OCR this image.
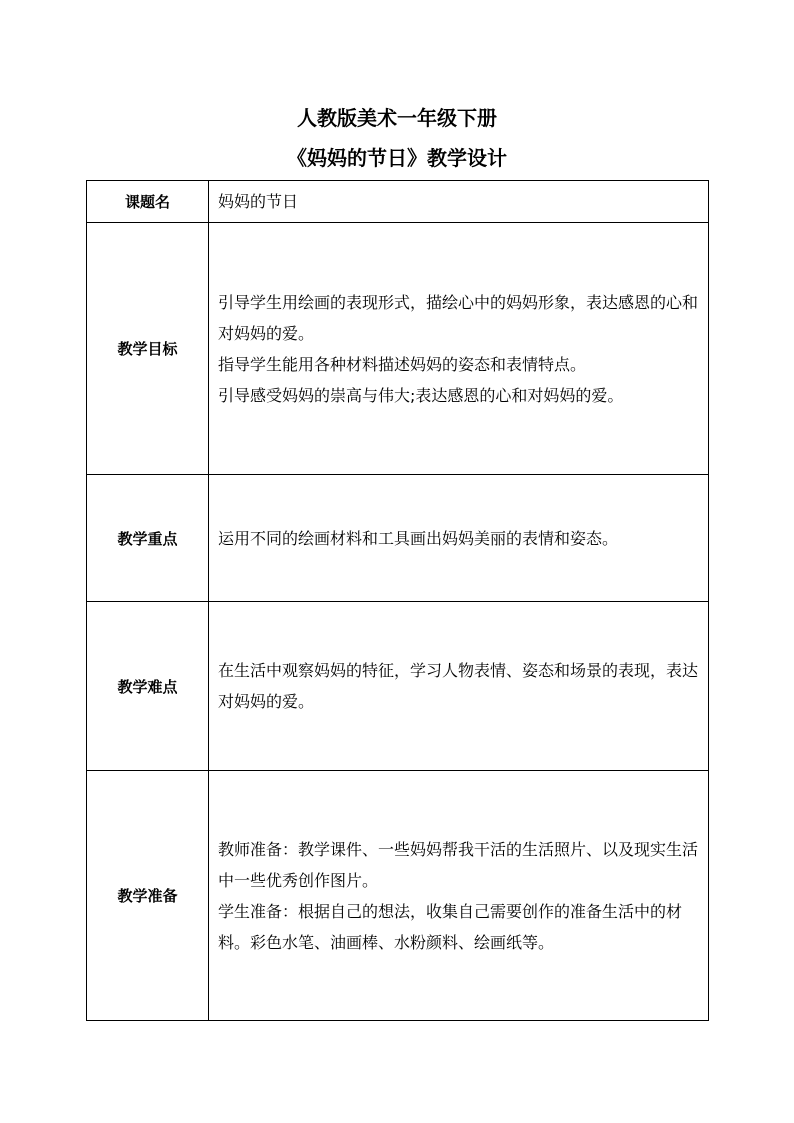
人教版美术一年级下册
《妈妈的节日》教学设计
课题名	妈妈的节日

教学目标	引导学生用绘画的表现形式，描绘心中的妈妈形象，表达感恩的心和对妈妈的爱。

指导学生能用各种材料描述妈妈的姿态和表情特点。

引导感受妈妈的崇高与伟大;表达感恩的心和对妈妈的爱。

教学重点	运用不同的绘画材料和工具画出妈妈美丽的表情和姿态。

教学难点	在生活中观察妈妈的特征，学习人物表情、姿态和场景的表现，表达对妈妈的爱。

教学准备	教师准备：教学课件、一些妈妈帮我干活的生活照片、以及现实生活中一些优秀创作图片。

学生准备：根据自己的想法，收集自己需要创作的准备生活中的材料。彩色水笔、油画棒、水粉颜料、绘画纸等。
